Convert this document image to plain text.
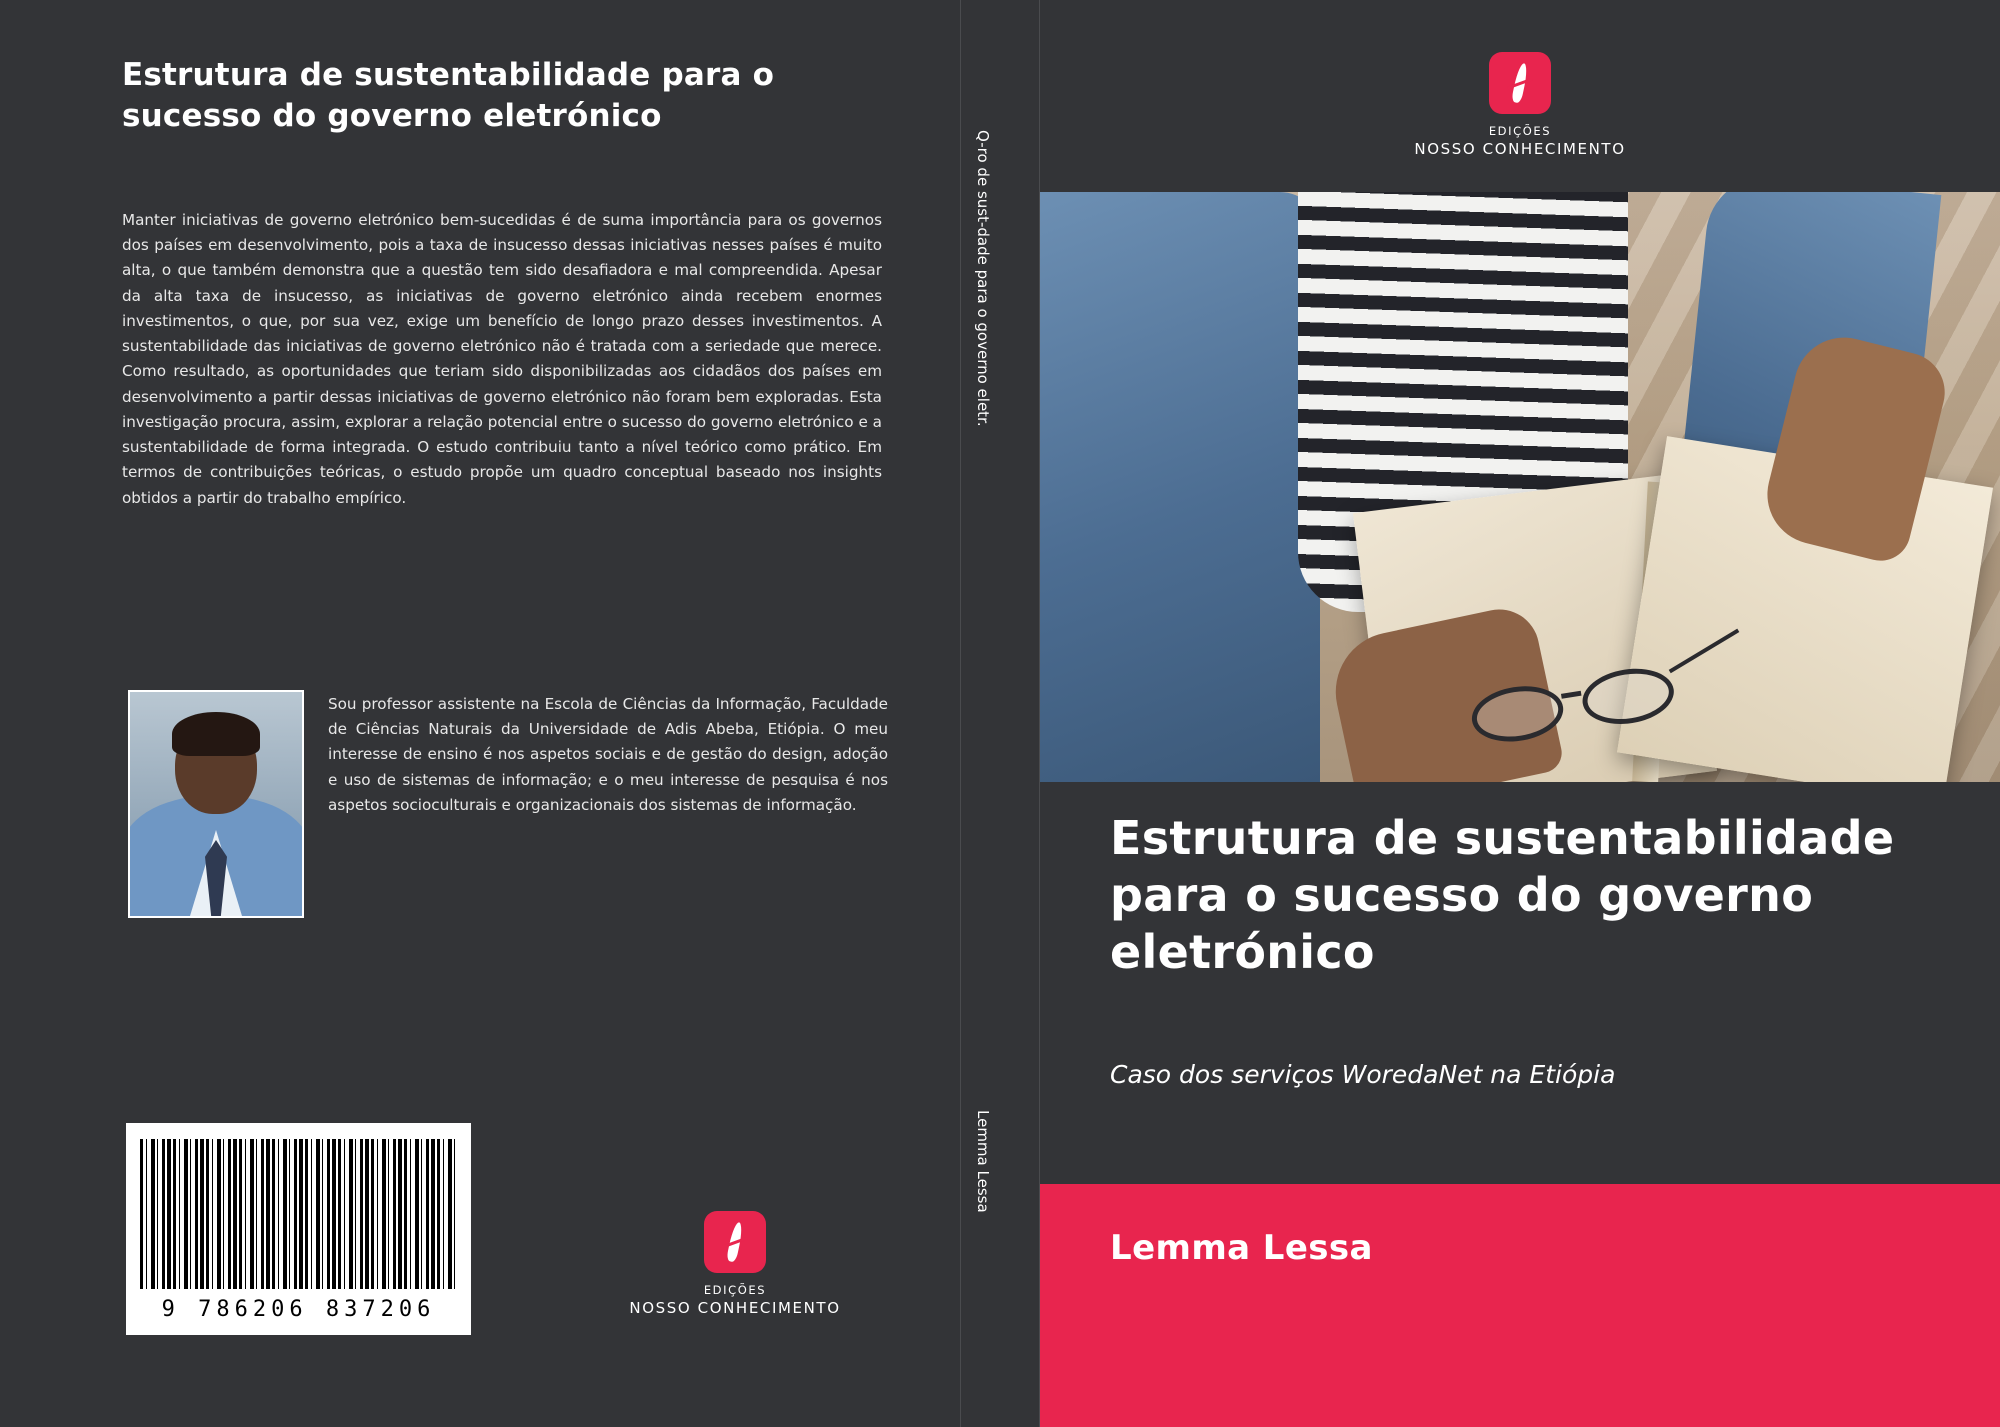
Estrutura de sustentabilidade para o sucesso do governo eletrónico
Manter iniciativas de governo eletrónico bem-sucedidas é de suma importância para os governos dos países em desenvolvimento, pois a taxa de insucesso dessas iniciativas nesses países é muito alta, o que também demonstra que a questão tem sido desafiadora e mal compreendida. Apesar da alta taxa de insucesso, as iniciativas de governo eletrónico ainda recebem enormes investimentos, o que, por sua vez, exige um benefício de longo prazo desses investimentos. A sustentabilidade das iniciativas de governo eletrónico não é tratada com a seriedade que merece. Como resultado, as oportunidades que teriam sido disponibilizadas aos cidadãos dos países em desenvolvimento a partir dessas iniciativas de governo eletrónico não foram bem exploradas. Esta investigação procura, assim, explorar a relação potencial entre o sucesso do governo eletrónico e a sustentabilidade de forma integrada. O estudo contribuiu tanto a nível teórico como prático. Em termos de contribuições teóricas, o estudo propõe um quadro conceptual baseado nos insights obtidos a partir do trabalho empírico.
Sou professor assistente na Escola de Ciências da Informação, Faculdade de Ciências Naturais da Universidade de Adis Abeba, Etiópia. O meu interesse de ensino é nos aspetos sociais e de gestão do design, adoção e uso de sistemas de informação; e o meu interesse de pesquisa é nos aspetos socioculturais e organizacionais dos sistemas de informação.
9 786206 837206
EDIÇÕES
NOSSO CONHECIMENTO
Q-ro de sust-dade para o governo eletr.
Lemma Lessa
EDIÇÕES
NOSSO CONHECIMENTO
Estrutura de sustentabilidade para o sucesso do governo eletrónico
Caso dos serviços WoredaNet na Etiópia
Lemma Lessa
